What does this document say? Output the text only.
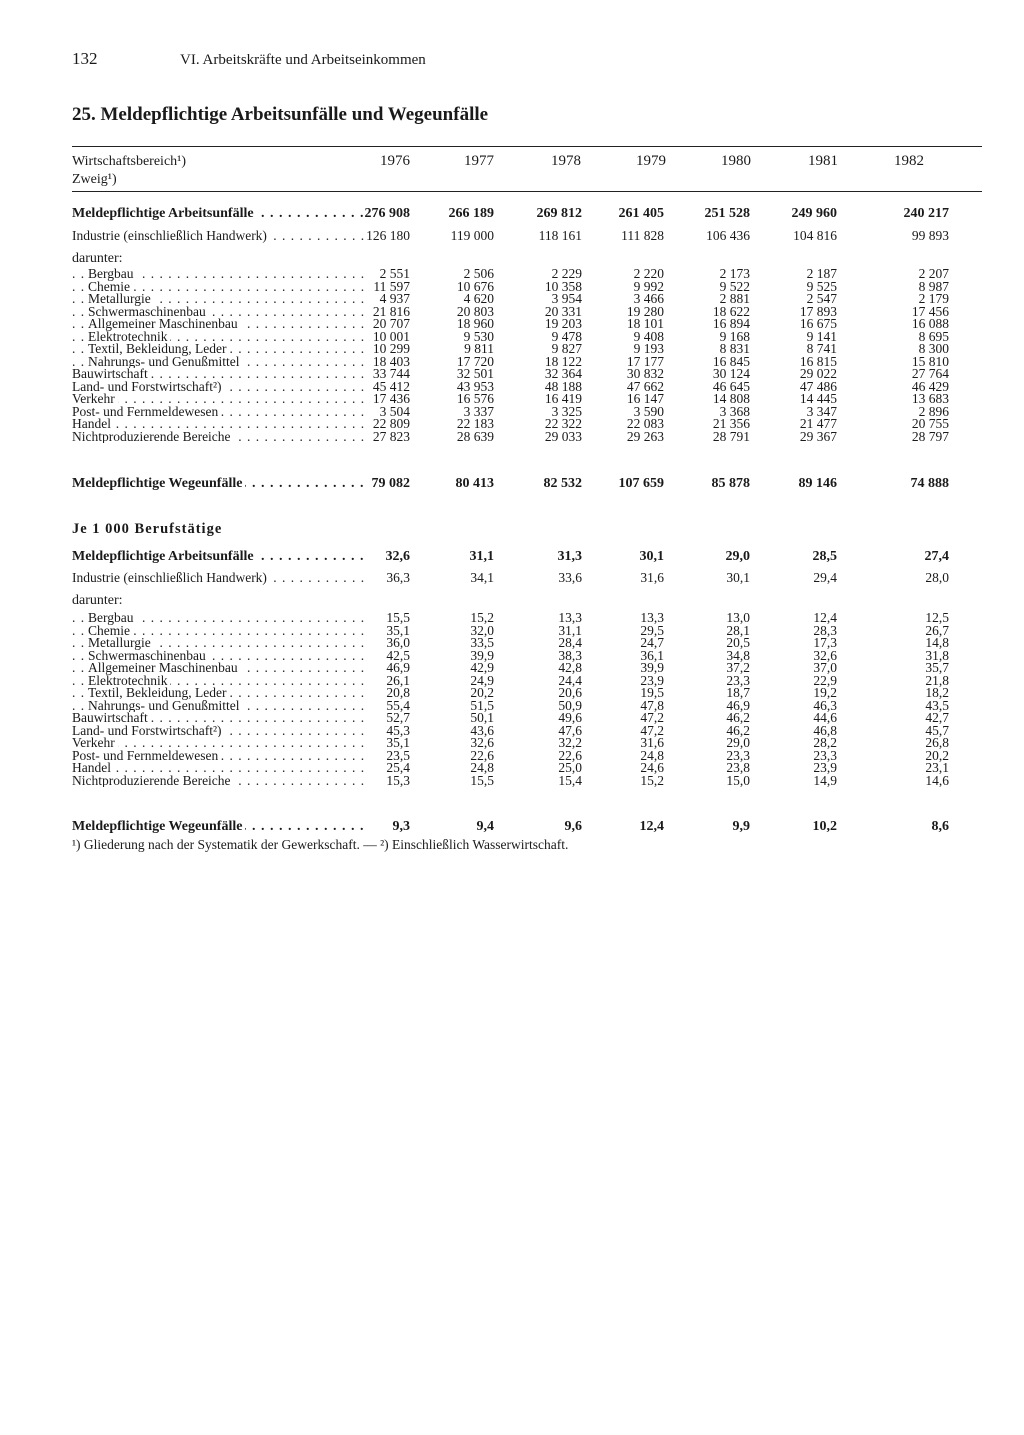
132	VI. Arbeitskräfte und Arbeitseinkommen
25. Meldepflichtige Arbeitsunfälle und Wegeunfälle
Wirtschaftsbereich¹)
Zweig¹)
1976	1977	1978	1979	1980	1981	1982
Meldepflichtige Arbeitsunfälle . . .	276 908	266 189	269 812	261 405	251 528	249 960	240 217
Industrie (einschließlich Handwerk) . . .	126 180	119 000	118 161	111 828	106 436	104 816	99 893
darunter:
Bergbau . . .	2 551	2 506	2 229	2 220	2 173	2 187	2 207
Chemie . . .	11 597	10 676	10 358	9 992	9 522	9 525	8 987
Metallurgie . . .	4 937	4 620	3 954	3 466	2 881	2 547	2 179
Schwermaschinenbau . . .	21 816	20 803	20 331	19 280	18 622	17 893	17 456
Allgemeiner Maschinenbau . . .	20 707	18 960	19 203	18 101	16 894	16 675	16 088
Elektrotechnik . . .	10 001	9 530	9 478	9 408	9 168	9 141	8 695
Textil, Bekleidung, Leder . . .	10 299	9 811	9 827	9 193	8 831	8 741	8 300
Nahrungs- und Genußmittel . . .	18 403	17 720	18 122	17 177	16 845	16 815	15 810
Bauwirtschaft . . .	33 744	32 501	32 364	30 832	30 124	29 022	27 764
Land- und Forstwirtschaft²) . . .	45 412	43 953	48 188	47 662	46 645	47 486	46 429
Verkehr . . .	17 436	16 576	16 419	16 147	14 808	14 445	13 683
Post- und Fernmeldewesen . . .	3 504	3 337	3 325	3 590	3 368	3 347	2 896
Handel . . .	22 809	22 183	22 322	22 083	21 356	21 477	20 755
Nichtproduzierende Bereiche . . .	27 823	28 639	29 033	29 263	28 791	29 367	28 797
Meldepflichtige Wegeunfälle . . .	79 082	80 413	82 532	107 659	85 878	89 146	74 888
Je 1 000 Berufstätige
Meldepflichtige Arbeitsunfälle . . .	32,6	31,1	31,3	30,1	29,0	28,5	27,4
Industrie (einschließlich Handwerk) . . .	36,3	34,1	33,6	31,6	30,1	29,4	28,0
darunter:
Bergbau . . .	15,5	15,2	13,3	13,3	13,0	12,4	12,5
Chemie . . .	35,1	32,0	31,1	29,5	28,1	28,3	26,7
Metallurgie . . .	36,0	33,5	28,4	24,7	20,5	17,3	14,8
Schwermaschinenbau . . .	42,5	39,9	38,3	36,1	34,8	32,6	31,8
Allgemeiner Maschinenbau . . .	46,9	42,9	42,8	39,9	37,2	37,0	35,7
Elektrotechnik . . .	26,1	24,9	24,4	23,9	23,3	22,9	21,8
Textil, Bekleidung, Leder . . .	20,8	20,2	20,6	19,5	18,7	19,2	18,2
Nahrungs- und Genußmittel . . .	55,4	51,5	50,9	47,8	46,9	46,3	43,5
Bauwirtschaft . . .	52,7	50,1	49,6	47,2	46,2	44,6	42,7
Land- und Forstwirtschaft²) . . .	45,3	43,6	47,6	47,2	46,2	46,8	45,7
Verkehr . . .	35,1	32,6	32,2	31,6	29,0	28,2	26,8
Post- und Fernmeldewesen . . .	23,5	22,6	22,6	24,8	23,3	23,3	20,2
Handel . . .	25,4	24,8	25,0	24,6	23,8	23,9	23,1
Nichtproduzierende Bereiche . . .	15,3	15,5	15,4	15,2	15,0	14,9	14,6
Meldepflichtige Wegeunfälle . . .	9,3	9,4	9,6	12,4	9,9	10,2	8,6
¹) Gliederung nach der Systematik der Gewerkschaft. — ²) Einschließlich Wasserwirtschaft.
